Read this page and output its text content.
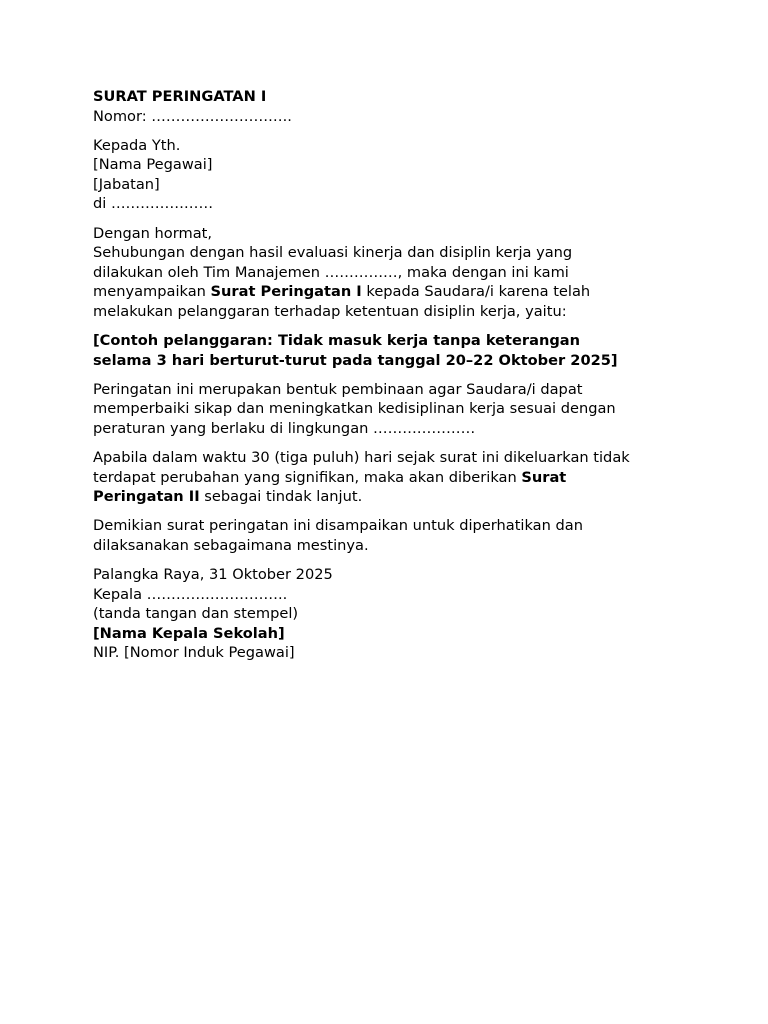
SURAT PERINGATAN I
Nomor: ………………………..
Kepada Yth.
[Nama Pegawai]
[Jabatan]
di …………………
Dengan hormat,
Sehubungan dengan hasil evaluasi kinerja dan disiplin kerja yang
dilakukan oleh Tim Manajemen ……………, maka dengan ini kami
menyampaikan Surat Peringatan I kepada Saudara/i karena telah
melakukan pelanggaran terhadap ketentuan disiplin kerja, yaitu:
[Contoh pelanggaran: Tidak masuk kerja tanpa keterangan
selama 3 hari berturut-turut pada tanggal 20–22 Oktober 2025]
Peringatan ini merupakan bentuk pembinaan agar Saudara/i dapat
memperbaiki sikap dan meningkatkan kedisiplinan kerja sesuai dengan
peraturan yang berlaku di lingkungan …………………
Apabila dalam waktu 30 (tiga puluh) hari sejak surat ini dikeluarkan tidak
terdapat perubahan yang signifikan, maka akan diberikan Surat
Peringatan II sebagai tindak lanjut.
Demikian surat peringatan ini disampaikan untuk diperhatikan dan
dilaksanakan sebagaimana mestinya.
Palangka Raya, 31 Oktober 2025
Kepala ………………………..
(tanda tangan dan stempel)
[Nama Kepala Sekolah]
NIP. [Nomor Induk Pegawai]
